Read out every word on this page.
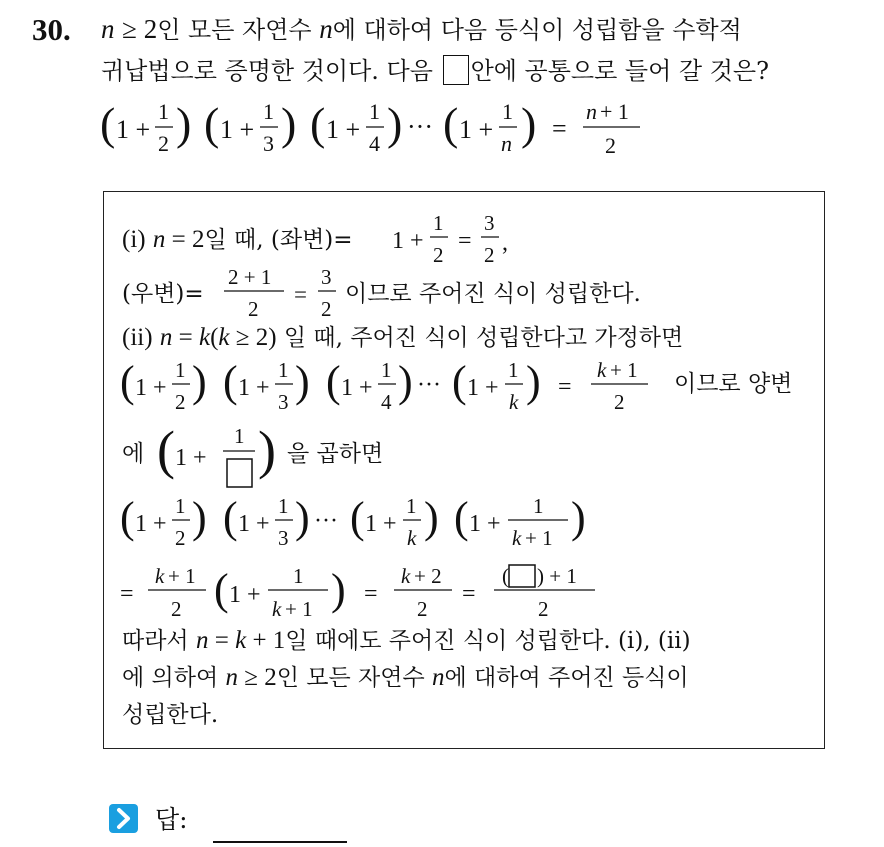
30. n ≥ 2인 모든 자연수 n에 대하여 다음 등식이 성립함을 수학적
귀납법으로 증명한 것이다. 다음 안에 공통으로 들어 갈 것은?
( 1 +
1
2 ) ( 1 +
1
3 ) ( 1 +
1
4 ) ··· ( 1 +
1
n ) =
n + 1
2
(i) n = 2일 때, (좌변)= 1 +
1
2
=
3
2 ,
(우변)=
2 + 1
2
=
3
2
이므로 주어진 식이 성립한다.
(ii) n = k(k ≥ 2) 일 때, 주어진 식이 성립한다고 가정하면
( 1 +
1
2 ) ( 1 +
1
3 ) ( 1 +
1
4 ) ··· ( 1 +
1
k ) =
k + 1
2
이므로 양변
에 ( 1 +
1 ) 을 곱하면
( 1 +
1
2 ) ( 1 +
1
3 ) ··· ( 1 +
1
k ) ( 1 +
1
k + 1 )
=
k + 1
2 ( 1 +
1
k + 1 ) =
k + 2
2
=
( ) + 1
2
따라서 n = k + 1일 때에도 주어진 식이 성립한다. (i), (ii)
에 의하여 n ≥ 2인 모든 자연수 n에 대하여 주어진 등식이
성립한다.
답:
